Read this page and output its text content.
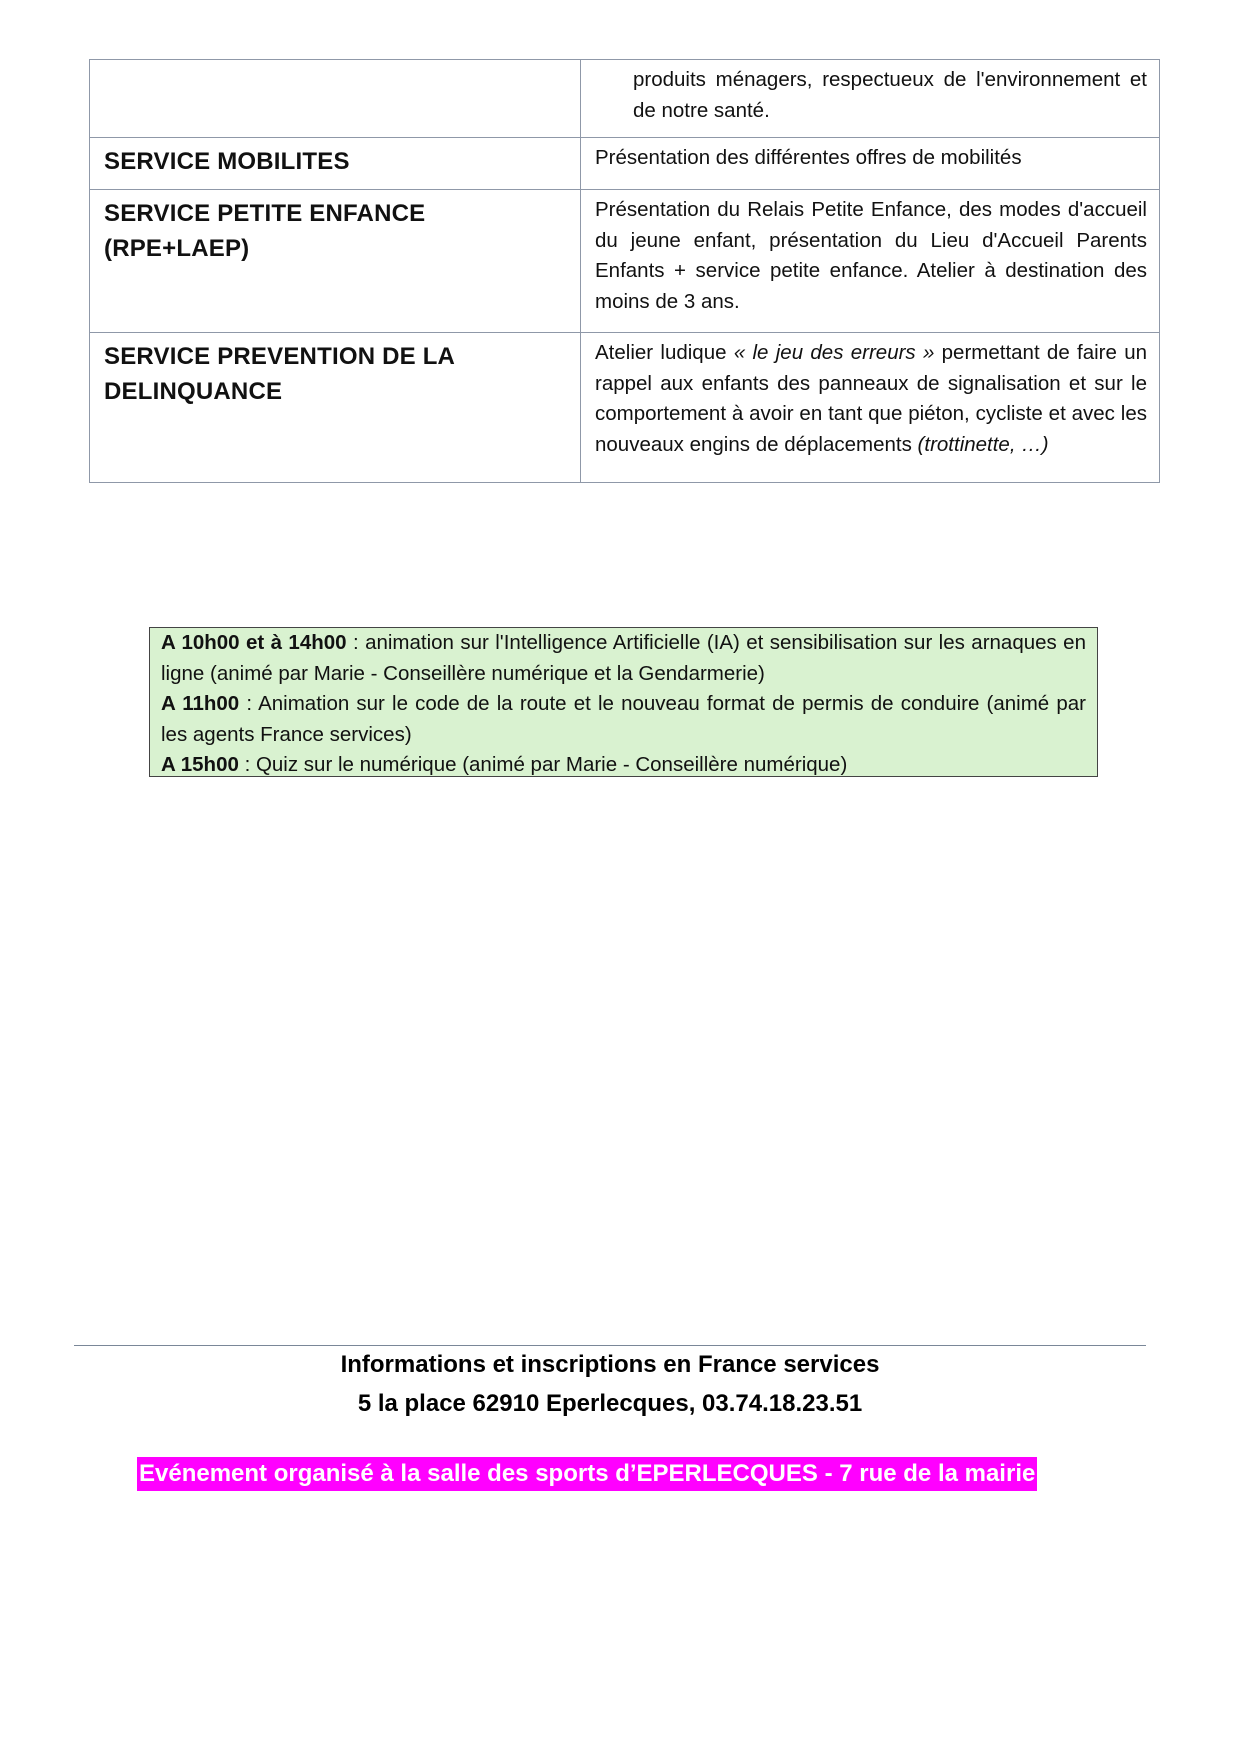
	produits ménagers, respectueux de l'environnement et de notre santé.

SERVICE MOBILITES	Présentation des différentes offres de mobilités

SERVICE PETITE ENFANCE (RPE+LAEP)	Présentation du Relais Petite Enfance, des modes d'accueil du jeune enfant, présentation du Lieu d'Accueil Parents Enfants + service petite enfance. Atelier à destination des moins de 3 ans.

SERVICE PREVENTION DE LA DELINQUANCE	Atelier ludique « le jeu des erreurs » permettant de faire un rappel aux enfants des panneaux de signalisation et sur le comportement à avoir en tant que piéton, cycliste et avec les nouveaux engins de déplacements (trottinette, …)

A 10h00 et à 14h00 : animation sur l'Intelligence Artificielle (IA) et sensibilisation sur les arnaques en ligne (animé par Marie - Conseillère numérique et la Gendarmerie)

A 11h00 : Animation sur le code de la route et le nouveau format de permis de conduire (animé par les agents France services)

A 15h00 : Quiz sur le numérique (animé par Marie - Conseillère numérique)

Informations et inscriptions en France services
5 la place 62910 Eperlecques, 03.74.18.23.51
Evénement organisé à la salle des sports d’EPERLECQUES - 7 rue de la mairie
